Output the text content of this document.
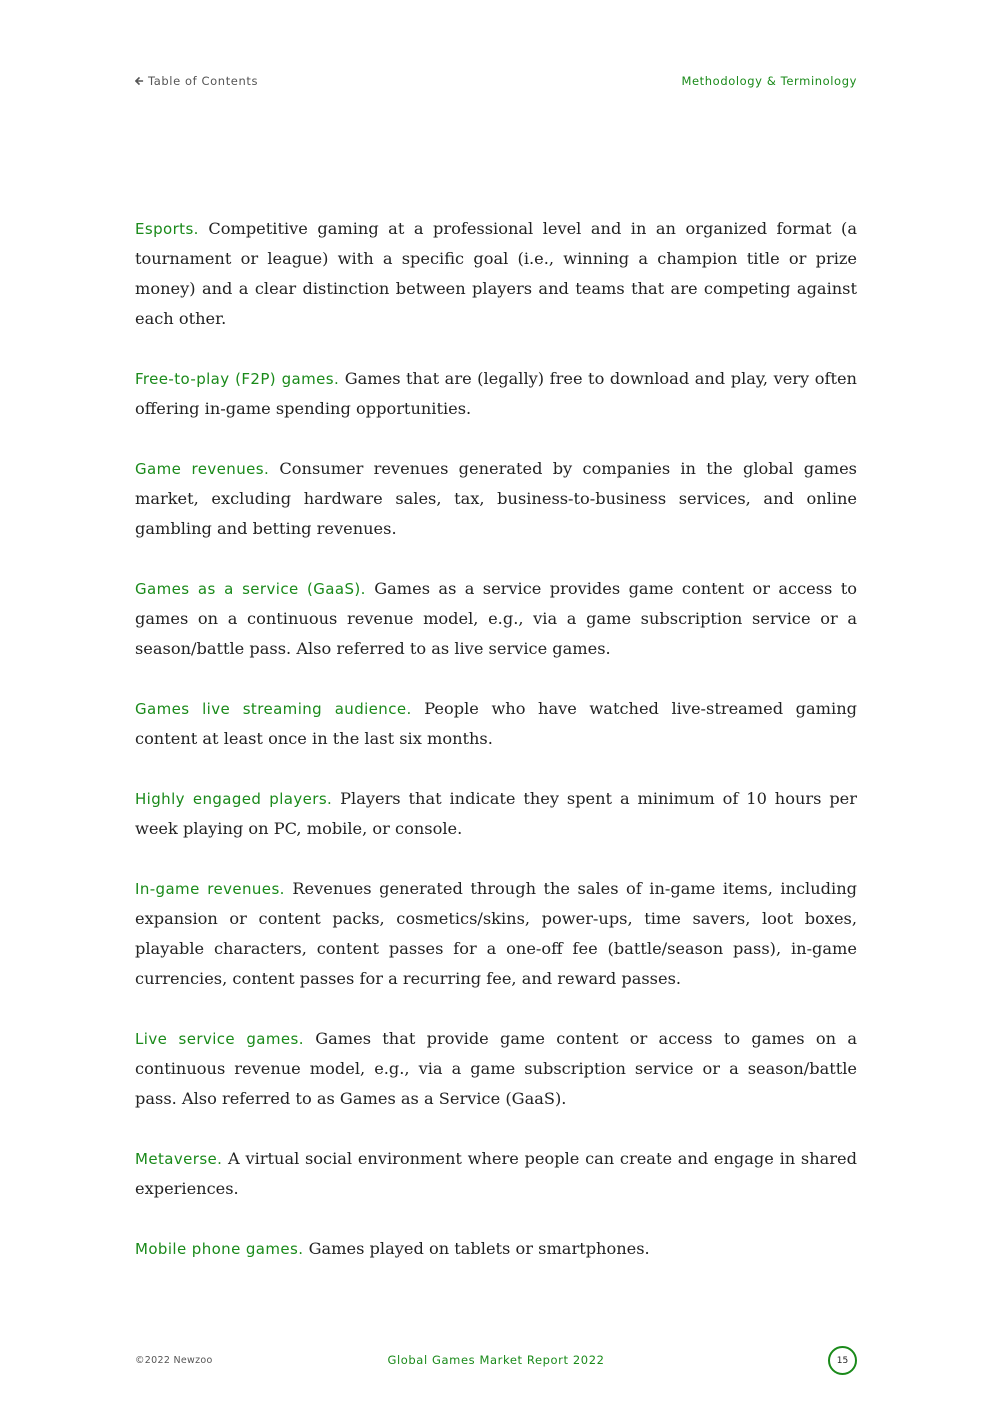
Table of Contents	Methodology & Terminology

Esports. Competitive gaming at a professional level and in an organized format (a tournament or league) with a specific goal (i.e., winning a champion title or prize money) and a clear distinction between players and teams that are competing against each other.

Free-to-play (F2P) games. Games that are (legally) free to download and play, very often offering in-game spending opportunities.

Game revenues. Consumer revenues generated by companies in the global games market, excluding hardware sales, tax, business-to-business services, and online gambling and betting revenues.

Games as a service (GaaS). Games as a service provides game content or access to games on a continuous revenue model, e.g., via a game subscription service or a season/battle pass. Also referred to as live service games.

Games live streaming audience. People who have watched live-streamed gaming content at least once in the last six months.

Highly engaged players. Players that indicate they spent a minimum of 10 hours per week playing on PC, mobile, or console.

In-game revenues. Revenues generated through the sales of in-game items, including expansion or content packs, cosmetics/skins, power-ups, time savers, loot boxes, playable characters, content passes for a one-off fee (battle/season pass), in-game currencies, content passes for a recurring fee, and reward passes.

Live service games. Games that provide game content or access to games on a continuous revenue model, e.g., via a game subscription service or a season/battle pass. Also referred to as Games as a Service (GaaS).

Metaverse. A virtual social environment where people can create and engage in shared experiences.

Mobile phone games. Games played on tablets or smartphones.

©2022 Newzoo	Global Games Market Report 2022	15
